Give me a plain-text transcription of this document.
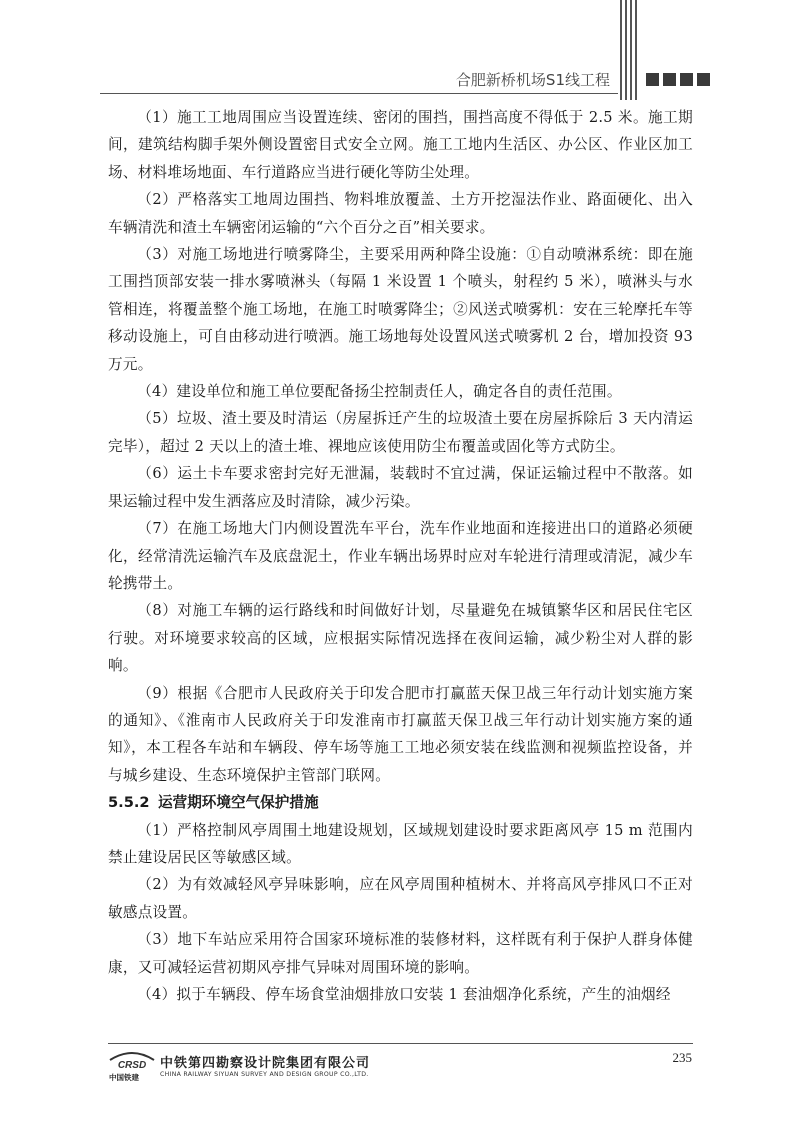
合肥新桥机场S1线工程

（1）施工工地周围应当设置连续、密闭的围挡，围挡高度不得低于 2.5 米。施工期间，建筑结构脚手架外侧设置密目式安全立网。施工工地内生活区、办公区、作业区加工场、材料堆场地面、车行道路应当进行硬化等防尘处理。

（2）严格落实工地周边围挡、物料堆放覆盖、土方开挖湿法作业、路面硬化、出入车辆清洗和渣土车辆密闭运输的“六个百分之百”相关要求。

（3）对施工场地进行喷雾降尘，主要采用两种降尘设施：①自动喷淋系统：即在施工围挡顶部安装一排水雾喷淋头（每隔 1 米设置 1 个喷头，射程约 5 米），喷淋头与水管相连，将覆盖整个施工场地，在施工时喷雾降尘；②风送式喷雾机：安在三轮摩托车等移动设施上，可自由移动进行喷洒。施工场地每处设置风送式喷雾机 2 台，增加投资 93 万元。

（4）建设单位和施工单位要配备扬尘控制责任人，确定各自的责任范围。

（5）垃圾、渣土要及时清运（房屋拆迁产生的垃圾渣土要在房屋拆除后 3 天内清运完毕），超过 2 天以上的渣土堆、裸地应该使用防尘布覆盖或固化等方式防尘。

（6）运土卡车要求密封完好无泄漏，装载时不宜过满，保证运输过程中不散落。如果运输过程中发生洒落应及时清除，减少污染。

（7）在施工场地大门内侧设置洗车平台，洗车作业地面和连接进出口的道路必须硬化，经常清洗运输汽车及底盘泥土，作业车辆出场界时应对车轮进行清理或清泥，减少车轮携带土。

（8）对施工车辆的运行路线和时间做好计划，尽量避免在城镇繁华区和居民住宅区行驶。对环境要求较高的区域，应根据实际情况选择在夜间运输，减少粉尘对人群的影响。

（9）根据《合肥市人民政府关于印发合肥市打赢蓝天保卫战三年行动计划实施方案的通知》、《淮南市人民政府关于印发淮南市打赢蓝天保卫战三年行动计划实施方案的通知》，本工程各车站和车辆段、停车场等施工工地必须安装在线监测和视频监控设备，并与城乡建设、生态环境保护主管部门联网。

5.5.2 运营期环境空气保护措施

（1）严格控制风亭周围土地建设规划，区域规划建设时要求距离风亭 15 m 范围内禁止建设居民区等敏感区域。

（2）为有效减轻风亭异味影响，应在风亭周围种植树木、并将高风亭排风口不正对敏感点设置。

（3）地下车站应采用符合国家环境标准的装修材料，这样既有利于保护人群身体健康，又可减轻运营初期风亭排气异味对周围环境的影响。

（4）拟于车辆段、停车场食堂油烟排放口安装 1 套油烟净化系统，产生的油烟经

CRSD
中国铁建
中铁第四勘察设计院集团有限公司
CHINA RAILWAY SIYUAN SURVEY AND DESIGN GROUP CO.,LTD.
235
